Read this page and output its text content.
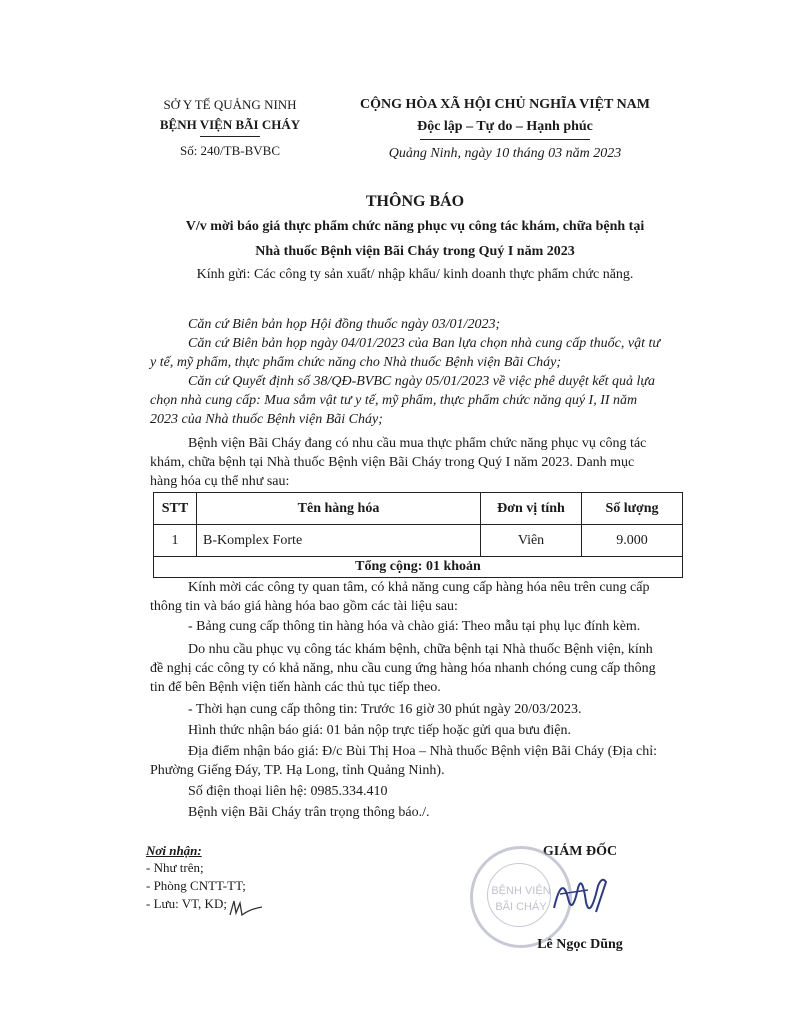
SỞ Y TẾ QUẢNG NINH
BỆNH VIỆN BÃI CHÁY
Số: 240/TB-BVBC
CỘNG HÒA XÃ HỘI CHỦ NGHĨA VIỆT NAM
Độc lập – Tự do – Hạnh phúc
Quảng Ninh, ngày 10 tháng 03 năm 2023
THÔNG BÁO
V/v mời báo giá thực phẩm chức năng phục vụ công tác khám, chữa bệnh tại
Nhà thuốc Bệnh viện Bãi Cháy trong Quý I năm 2023
Kính gửi: Các công ty sản xuất/ nhập khẩu/ kinh doanh thực phẩm chức năng.
Căn cứ Biên bản họp Hội đồng thuốc ngày 03/01/2023;
Căn cứ Biên bản họp ngày 04/01/2023 của Ban lựa chọn nhà cung cấp thuốc, vật tư
y tế, mỹ phẩm, thực phẩm chức năng cho Nhà thuốc Bệnh viện Bãi Cháy;
Căn cứ Quyết định số 38/QĐ-BVBC ngày 05/01/2023 về việc phê duyệt kết quả lựa
chọn nhà cung cấp: Mua sắm vật tư y tế, mỹ phẩm, thực phẩm chức năng quý I, II năm
2023 của Nhà thuốc Bệnh viện Bãi Cháy;
Bệnh viện Bãi Cháy đang có nhu cầu mua thực phẩm chức năng phục vụ công tác
khám, chữa bệnh tại Nhà thuốc Bệnh viện Bãi Cháy trong Quý I năm 2023. Danh mục
hàng hóa cụ thể như sau:
STT	Tên hàng hóa	Đơn vị tính	Số lượng
1	B-Komplex Forte	Viên	9.000
Tổng cộng: 01 khoản			
Kính mời các công ty quan tâm, có khả năng cung cấp hàng hóa nêu trên cung cấp
thông tin và báo giá hàng hóa bao gồm các tài liệu sau:
- Bảng cung cấp thông tin hàng hóa và chào giá: Theo mẫu tại phụ lục đính kèm.
Do nhu cầu phục vụ công tác khám bệnh, chữa bệnh tại Nhà thuốc Bệnh viện, kính
đề nghị các công ty có khả năng, nhu cầu cung ứng hàng hóa nhanh chóng cung cấp thông
tin để bên Bệnh viện tiến hành các thủ tục tiếp theo.
- Thời hạn cung cấp thông tin: Trước 16 giờ 30 phút ngày 20/03/2023.
Hình thức nhận báo giá: 01 bản nộp trực tiếp hoặc gửi qua bưu điện.
Địa điểm nhận báo giá: Đ/c Bùi Thị Hoa – Nhà thuốc Bệnh viện Bãi Cháy (Địa chỉ:
Phường Giếng Đáy, TP. Hạ Long, tỉnh Quảng Ninh).
Số điện thoại liên hệ: 0985.334.410
Bệnh viện Bãi Cháy trân trọng thông báo./.
Nơi nhận:
- Như trên;
- Phòng CNTT-TT;
- Lưu: VT, KD;
GIÁM ĐỐC
BỆNH VIỆN
BÃI CHÁY
Lê Ngọc Dũng
